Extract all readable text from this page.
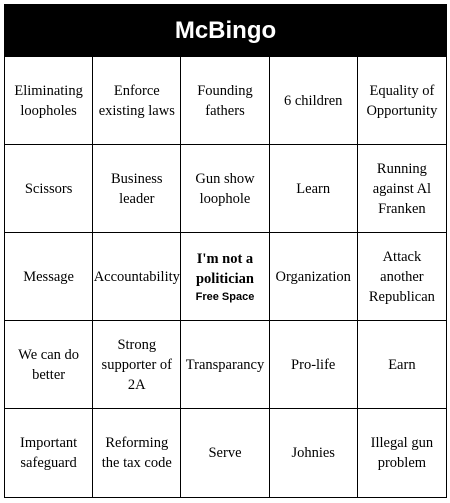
McBingo
Eliminating loopholes
Enforce existing laws
Founding fathers
6 children
Equality of Opportunity
Scissors
Business leader
Gun show loophole
Learn
Running against Al Franken
Message Accountability
I'm not a politician
Free Space
Organization
Attack another Republican
We can do better
Strong supporter of 2A
Transparancy Pro-life	Earn
Important safeguard
Reforming the tax code
Serve	Johnies
Illegal gun problem
